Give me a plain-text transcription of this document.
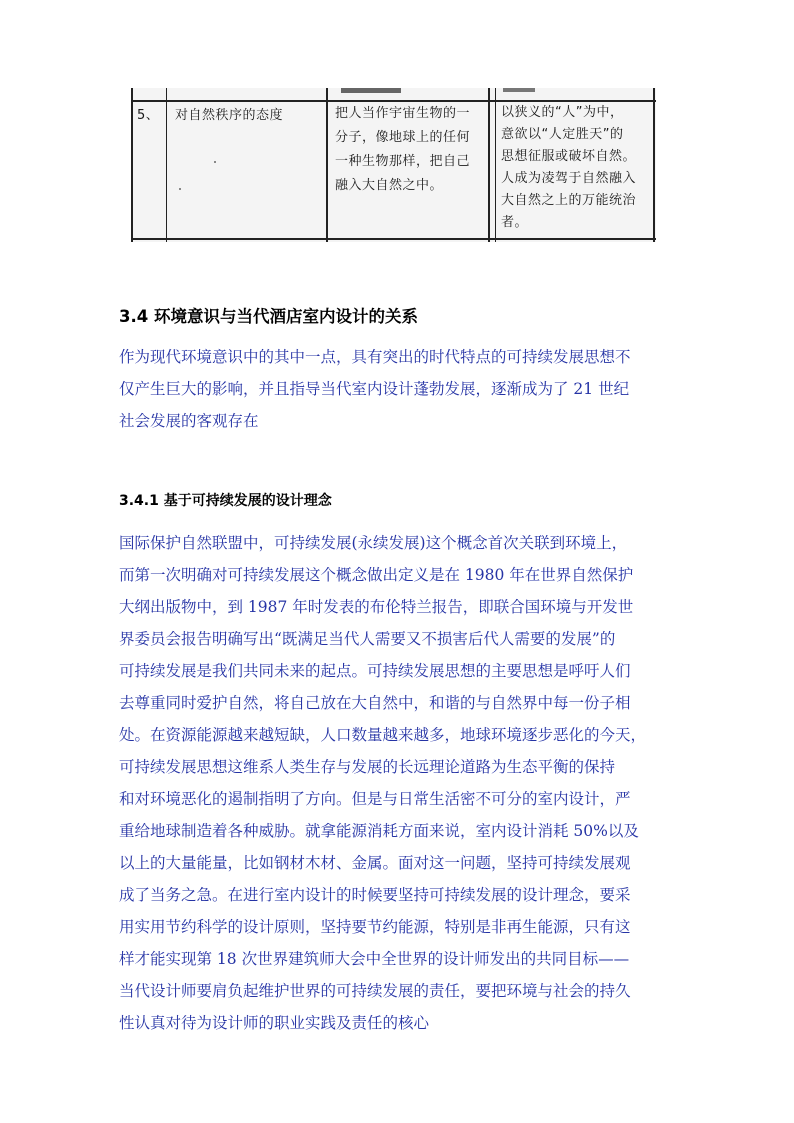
5、 对自然秩序的态度	把人当作宇宙生物的一
分子，像地球上的任何
一种生物那样，把自己
融入大自然之中。
以狭义的“人”为中，
意欲以“人定胜天”的
思想征服或破坏自然。
人成为凌驾于自然融入
大自然之上的万能统治
者。
3.4 环境意识与当代酒店室内设计的关系
作为现代环境意识中的其中一点，具有突出的时代特点的可持续发展思想不
仅产生巨大的影响，并且指导当代室内设计蓬勃发展，逐渐成为了 21 世纪
社会发展的客观存在
3.4.1 基于可持续发展的设计理念
国际保护自然联盟中，可持续发展(永续发展)这个概念首次关联到环境上，
而第一次明确对可持续发展这个概念做出定义是在 1980 年在世界自然保护
大纲出版物中，到 1987 年时发表的布伦特兰报告，即联合国环境与开发世
界委员会报告明确写出“既满足当代人需要又不损害后代人需要的发展”的
可持续发展是我们共同未来的起点。可持续发展思想的主要思想是呼吁人们
去尊重同时爱护自然，将自己放在大自然中，和谐的与自然界中每一份子相
处。在资源能源越来越短缺，人口数量越来越多，地球环境逐步恶化的今天，
可持续发展思想这维系人类生存与发展的长远理论道路为生态平衡的保持
和对环境恶化的遏制指明了方向。但是与日常生活密不可分的室内设计，严
重给地球制造着各种威胁。就拿能源消耗方面来说，室内设计消耗 50%以及
以上的大量能量，比如钢材木材、金属。面对这一问题，坚持可持续发展观
成了当务之急。在进行室内设计的时候要坚持可持续发展的设计理念，要采
用实用节约科学的设计原则，坚持要节约能源，特别是非再生能源，只有这
样才能实现第 18 次世界建筑师大会中全世界的设计师发出的共同目标——
当代设计师要肩负起维护世界的可持续发展的责任，要把环境与社会的持久
性认真对待为设计师的职业实践及责任的核心
